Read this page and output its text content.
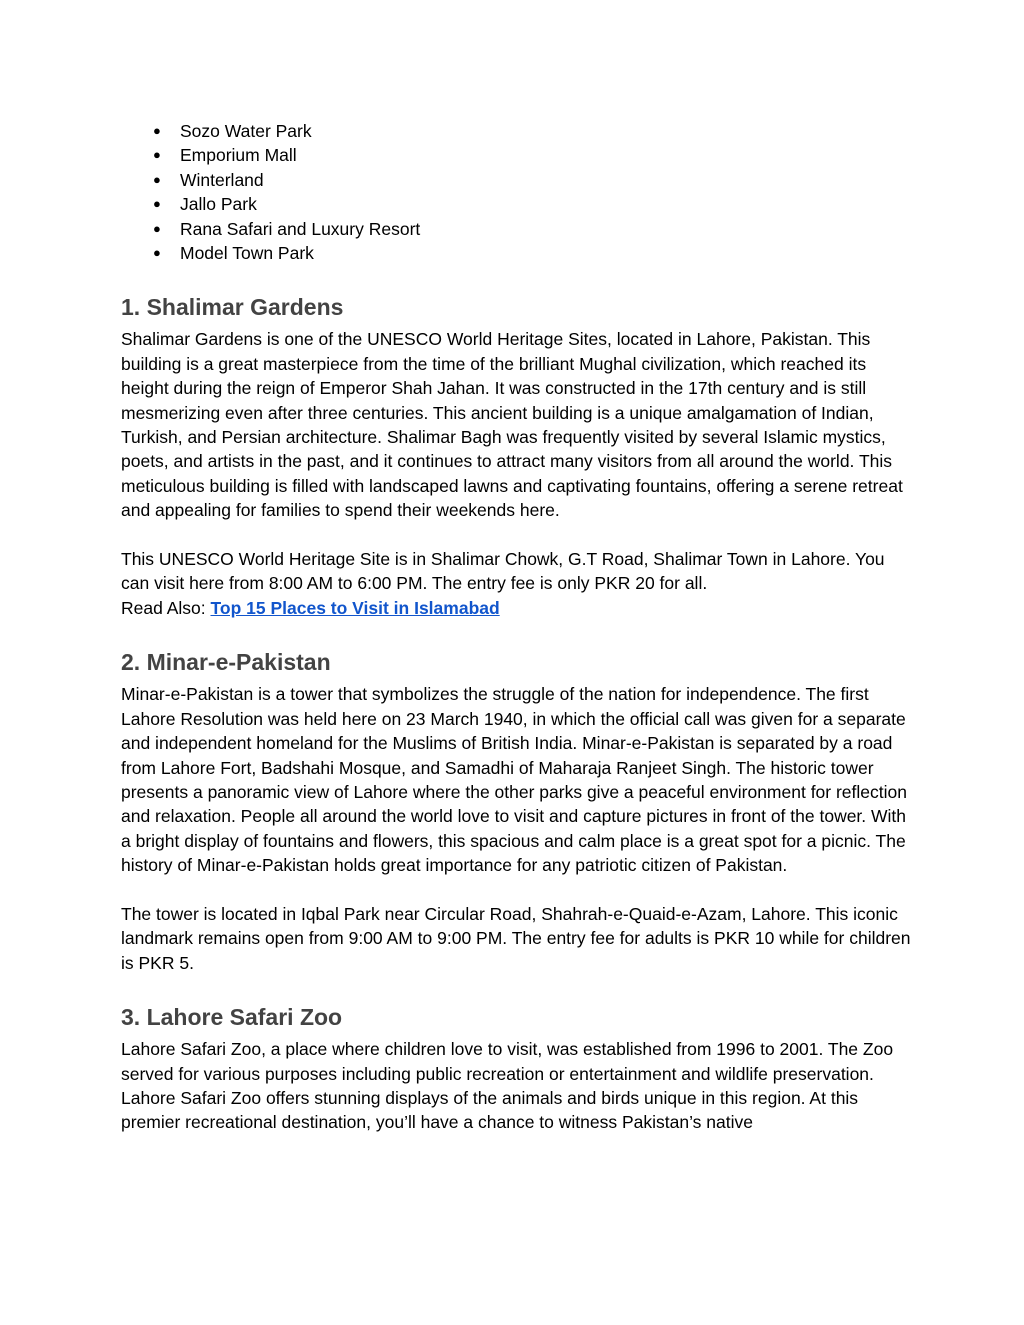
● Sozo Water Park
● Emporium Mall
● Winterland
● Jallo Park
● Rana Safari and Luxury Resort
● Model Town Park
1. Shalimar Gardens

Shalimar Gardens is one of the UNESCO World Heritage Sites, located in Lahore, Pakistan. This building is a great masterpiece from the time of the brilliant Mughal civilization, which reached its height during the reign of Emperor Shah Jahan. It was constructed in the 17th century and is still mesmerizing even after three centuries. This ancient building is a unique amalgamation of Indian, Turkish, and Persian architecture. Shalimar Bagh was frequently visited by several Islamic mystics, poets, and artists in the past, and it continues to attract many visitors from all around the world. This meticulous building is filled with landscaped lawns and captivating fountains, offering a serene retreat and appealing for families to spend their weekends here.

This UNESCO World Heritage Site is in Shalimar Chowk, G.T Road, Shalimar Town in Lahore. You can visit here from 8:00 AM to 6:00 PM. The entry fee is only PKR 20 for all.

Read Also: Top 15 Places to Visit in Islamabad

2. Minar-e-Pakistan

Minar-e-Pakistan is a tower that symbolizes the struggle of the nation for independence. The first Lahore Resolution was held here on 23 March 1940, in which the official call was given for a separate and independent homeland for the Muslims of British India. Minar-e-Pakistan is separated by a road from Lahore Fort, Badshahi Mosque, and Samadhi of Maharaja Ranjeet Singh. The historic tower presents a panoramic view of Lahore where the other parks give a peaceful environment for reflection and relaxation. People all around the world love to visit and capture pictures in front of the tower. With a bright display of fountains and flowers, this spacious and calm place is a great spot for a picnic. The history of Minar-e-Pakistan holds great importance for any patriotic citizen of Pakistan.

The tower is located in Iqbal Park near Circular Road, Shahrah-e-Quaid-e-Azam, Lahore. This iconic landmark remains open from 9:00 AM to 9:00 PM. The entry fee for adults is PKR 10 while for children is PKR 5.

3. Lahore Safari Zoo

Lahore Safari Zoo, a place where children love to visit, was established from 1996 to 2001. The Zoo served for various purposes including public recreation or entertainment and wildlife preservation. Lahore Safari Zoo offers stunning displays of the animals and birds unique in this region. At this premier recreational destination, you’ll have a chance to witness Pakistan’s native
